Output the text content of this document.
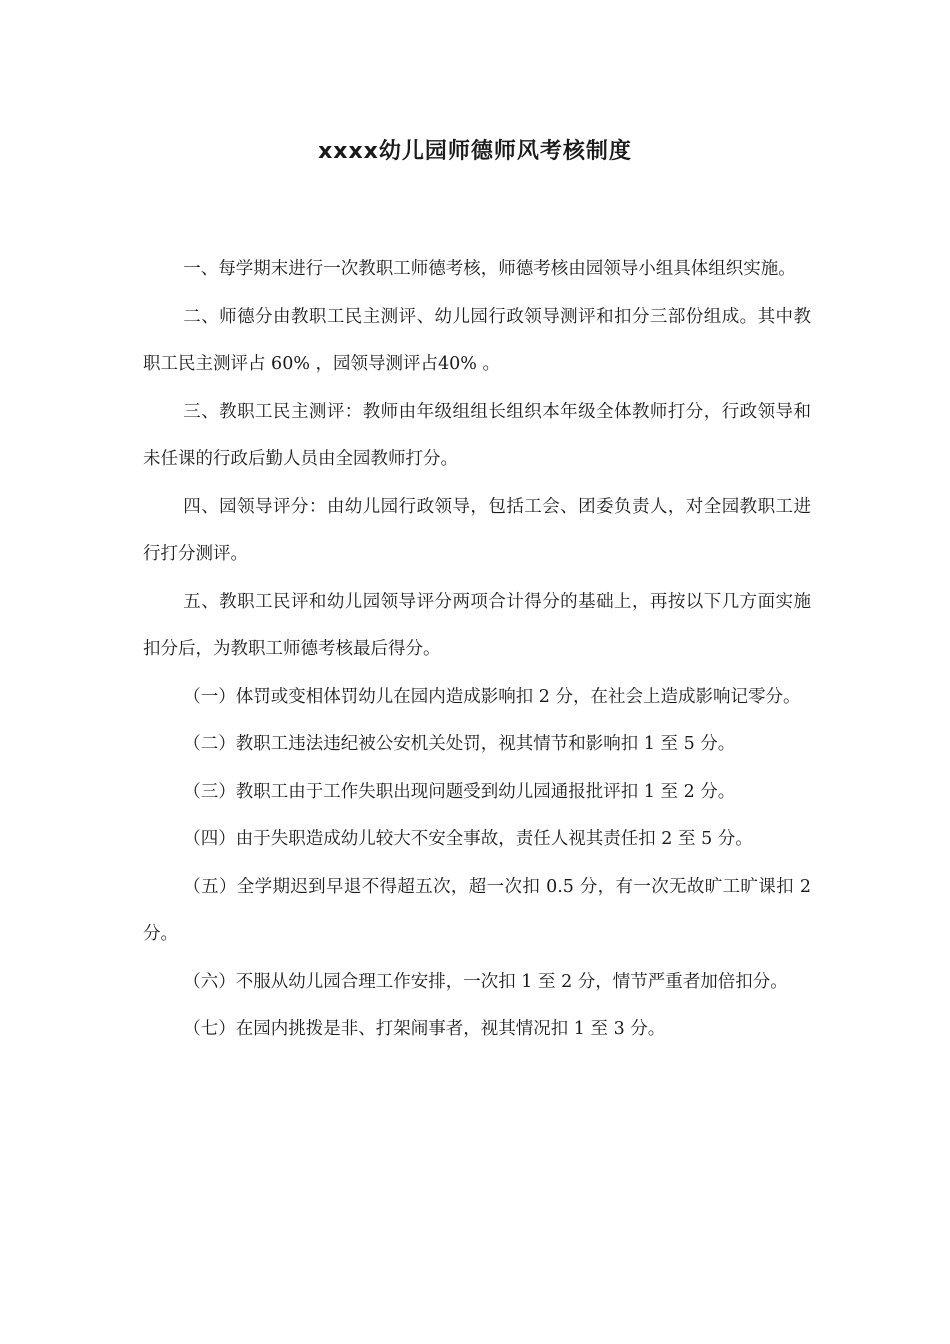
xxxx幼儿园师德师风考核制度

一、每学期末进行一次教职工师德考核，师德考核由园领导小组具体组织实施。

二、师德分由教职工民主测评、幼儿园行政领导测评和扣分三部份组成。其中教职工民主测评占 60% ，园领导测评占40% 。

三、教职工民主测评：教师由年级组组长组织本年级全体教师打分，行政领导和未任课的行政后勤人员由全园教师打分。

四、园领导评分：由幼儿园行政领导，包括工会、团委负责人，对全园教职工进行打分测评。

五、教职工民评和幼儿园领导评分两项合计得分的基础上，再按以下几方面实施扣分后，为教职工师德考核最后得分。

（一）体罚或变相体罚幼儿在园内造成影响扣 2 分，在社会上造成影响记零分。

（二）教职工违法违纪被公安机关处罚，视其情节和影响扣 1 至 5 分。

（三）教职工由于工作失职出现问题受到幼儿园通报批评扣 1 至 2 分。

（四）由于失职造成幼儿较大不安全事故，责任人视其责任扣 2 至 5 分。

（五）全学期迟到早退不得超五次，超一次扣 0.5 分，有一次无故旷工旷课扣 2 分。

（六）不服从幼儿园合理工作安排，一次扣 1 至 2 分，情节严重者加倍扣分。

（七）在园内挑拨是非、打架闹事者，视其情况扣 1 至 3 分。
